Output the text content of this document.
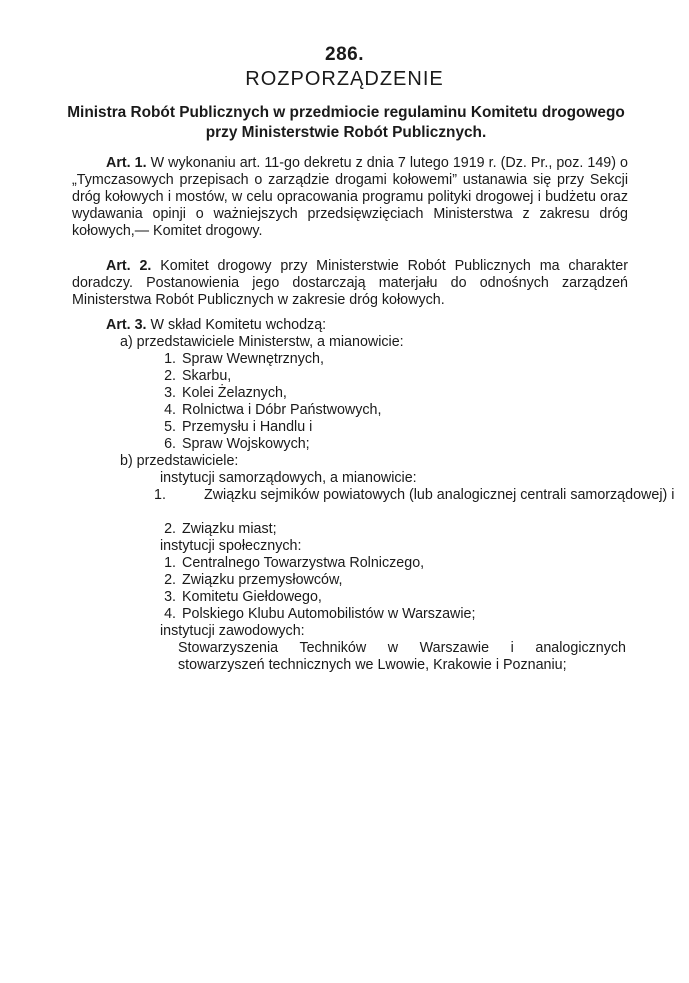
286.
ROZPORZĄDZENIE
Ministra Robót Publicznych w przedmiocie regulaminu Komitetu drogowego przy Ministerstwie Robót Publicznych.

Art. 1. W wykonaniu art. 11-go dekretu z dnia 7 lutego 1919 r. (Dz. Pr., poz. 149) o „Tymczasowych przepisach o zarządzie drogami kołowemi” ustanawia się przy Sekcji dróg kołowych i mostów, w celu opracowania programu polityki drogowej i budżetu oraz wydawania opinji o ważniejszych przedsięwzięciach Ministerstwa z zakresu dróg kołowych,— Komitet drogowy.

Art. 2. Komitet drogowy przy Ministerstwie Robót Publicznych ma charakter doradczy. Postanowienia jego dostarczają materjału do odnośnych zarządzeń Ministerstwa Robót Publicznych w zakresie dróg kołowych.

Art. 3. W skład Komitetu wchodzą:
a) przedstawiciele Ministerstw, a mianowicie:
1. Spraw Wewnętrznych,
2. Skarbu,
3. Kolei Żelaznych,
4. Rolnictwa i Dóbr Państwowych,
5. Przemysłu i Handlu i
6. Spraw Wojskowych;
b) przedstawiciele:
instytucji samorządowych, a mianowicie:
1.	Związku sejmików powiatowych (lub analogicznej centrali samorządowej) i
2. Związku miast;
instytucji społecznych:
1. Centralnego Towarzystwa Rolniczego,
2. Związku przemysłowców,
3. Komitetu Giełdowego,
4. Polskiego Klubu Automobilistów w Warszawie;
instytucji zawodowych:
Stowarzyszenia Techników w Warszawie i analogicznych stowarzyszeń technicznych we Lwowie, Krakowie i Poznaniu;
